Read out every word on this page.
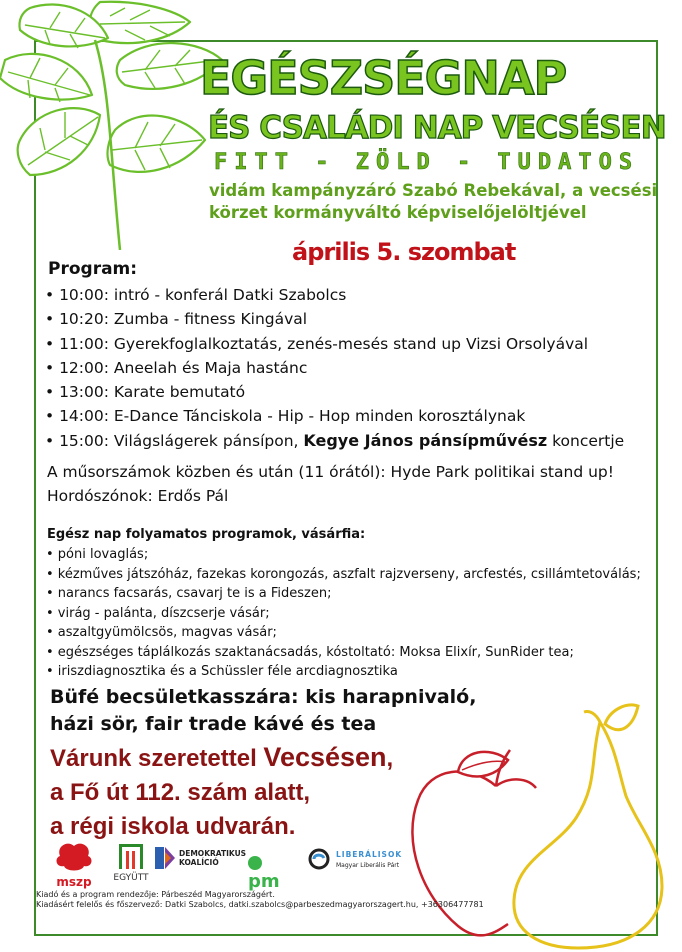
EGÉSZSÉGNAP
ÉS CSALÁDI NAP VECSÉSEN
FITT - ZÖLD - TUDATOS
vidám kampányzáró Szabó Rebekával, a vecsési
körzet kormányváltó képviselőjelöltjével
április 5. szombat
Program:
• 10:00: intró - konferál Datki Szabolcs
• 10:20: Zumba - fitness Kingával
• 11:00: Gyerekfoglalkoztatás, zenés-mesés stand up Vizsi Orsolyával
• 12:00: Aneelah és Maja hastánc
• 13:00: Karate bemutató
• 14:00: E-Dance Tánciskola - Hip - Hop minden korosztálynak
• 15:00: Világslágerek pánsípon, Kegye János pánsípművész koncertje
A műsorszámok közben és után (11 órától): Hyde Park politikai stand up!
Hordószónok: Erdős Pál
Egész nap folyamatos programok, vásárfia:
• póni lovaglás;
• kézműves játszóház, fazekas korongozás, aszfalt rajzverseny, arcfestés, csillámtetoválás;
• narancs facsarás, csavarj te is a Fideszen;
• virág - palánta, díszcserje vásár;
• aszaltgyümölcsös, magvas vásár;
• egészséges táplálkozás szaktanácsadás, kóstoltató: Moksa Elixír, SunRider tea;
• iriszdiagnosztika és a Schüssler féle arcdiagnosztika
Büfé becsületkasszára: kis harapnivaló,
házi sör, fair trade kávé és tea
Várunk szeretettel Vecsésen,
a Fő út 112. szám alatt,
a régi iskola udvarán.
mszp	EGYÜTT
DEMOKRATIKUS
KOALÍCIÓ
pm
LIBERÁLISOK
Magyar Liberális Párt
Kiadó és a program rendezője: Párbeszéd Magyarországért.
Kiadásért felelős és főszervező: Datki Szabolcs, datki.szabolcs@parbeszedmagyarorszagert.hu, +36306477781
